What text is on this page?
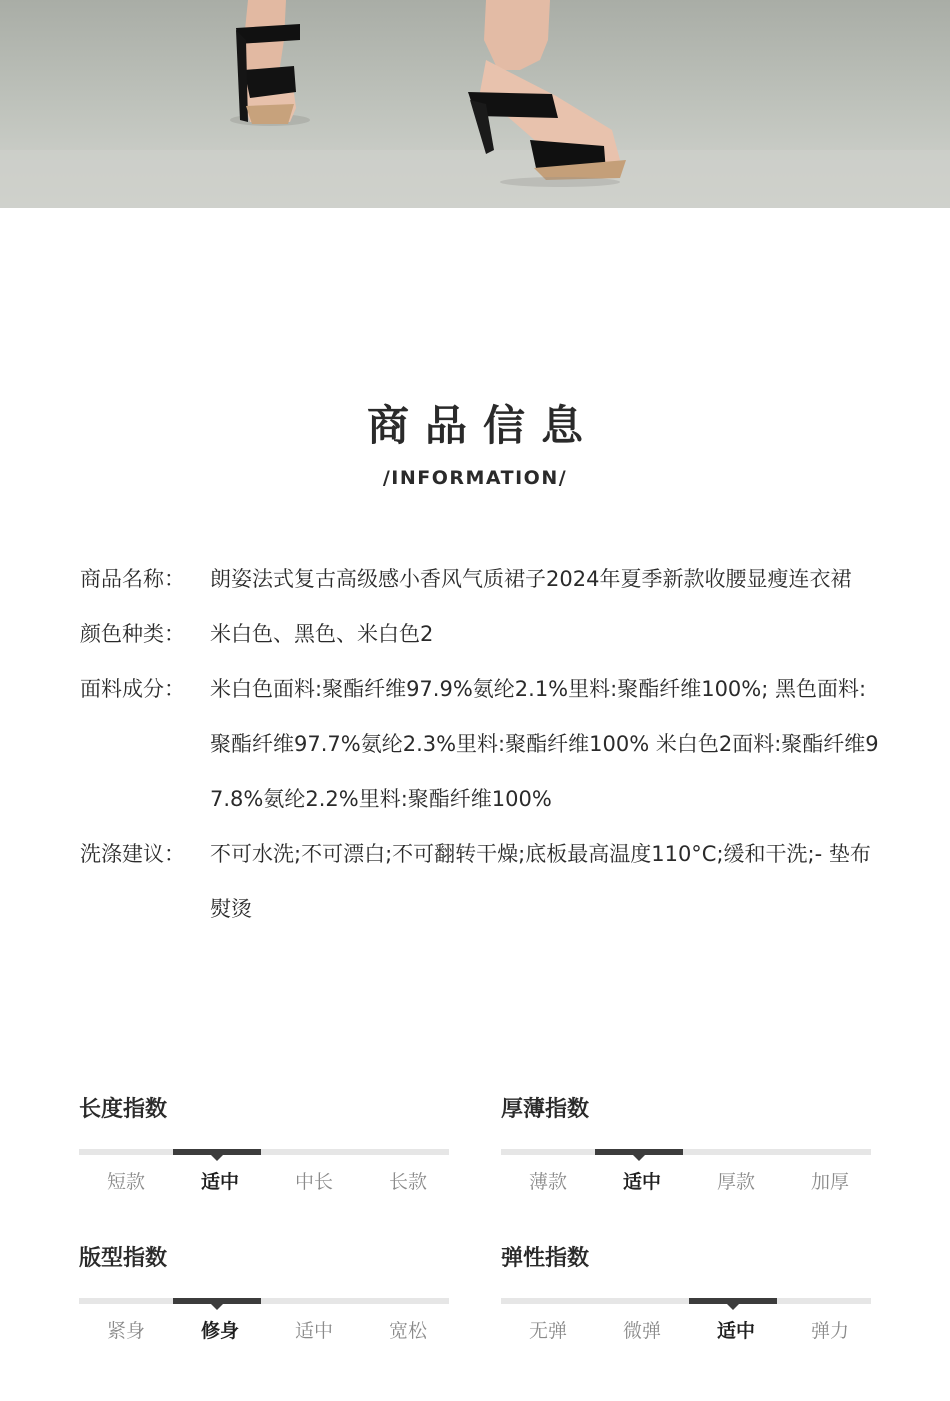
商品信息
/INFORMATION/
商品名称：	朗姿法式复古高级感小香风气质裙子2024年夏季新款收腰显瘦连衣裙
颜色种类：	米白色、黑色、米白色2
面料成分：	米白色面料:聚酯纤维97.9%氨纶2.1%里料:聚酯纤维100%; 黑色面料:聚酯纤维97.7%氨纶2.3%里料:聚酯纤维100% 米白色2面料:聚酯纤维97.8%氨纶2.2%里料:聚酯纤维100%
洗涤建议：	不可水洗;不可漂白;不可翻转干燥;底板最高温度110°C;缓和干洗;- 垫布熨烫
长度指数
短款	适中	中长	长款
厚薄指数
薄款	适中	厚款	加厚
版型指数
紧身	修身	适中	宽松
弹性指数
无弹	微弹	适中	弹力
